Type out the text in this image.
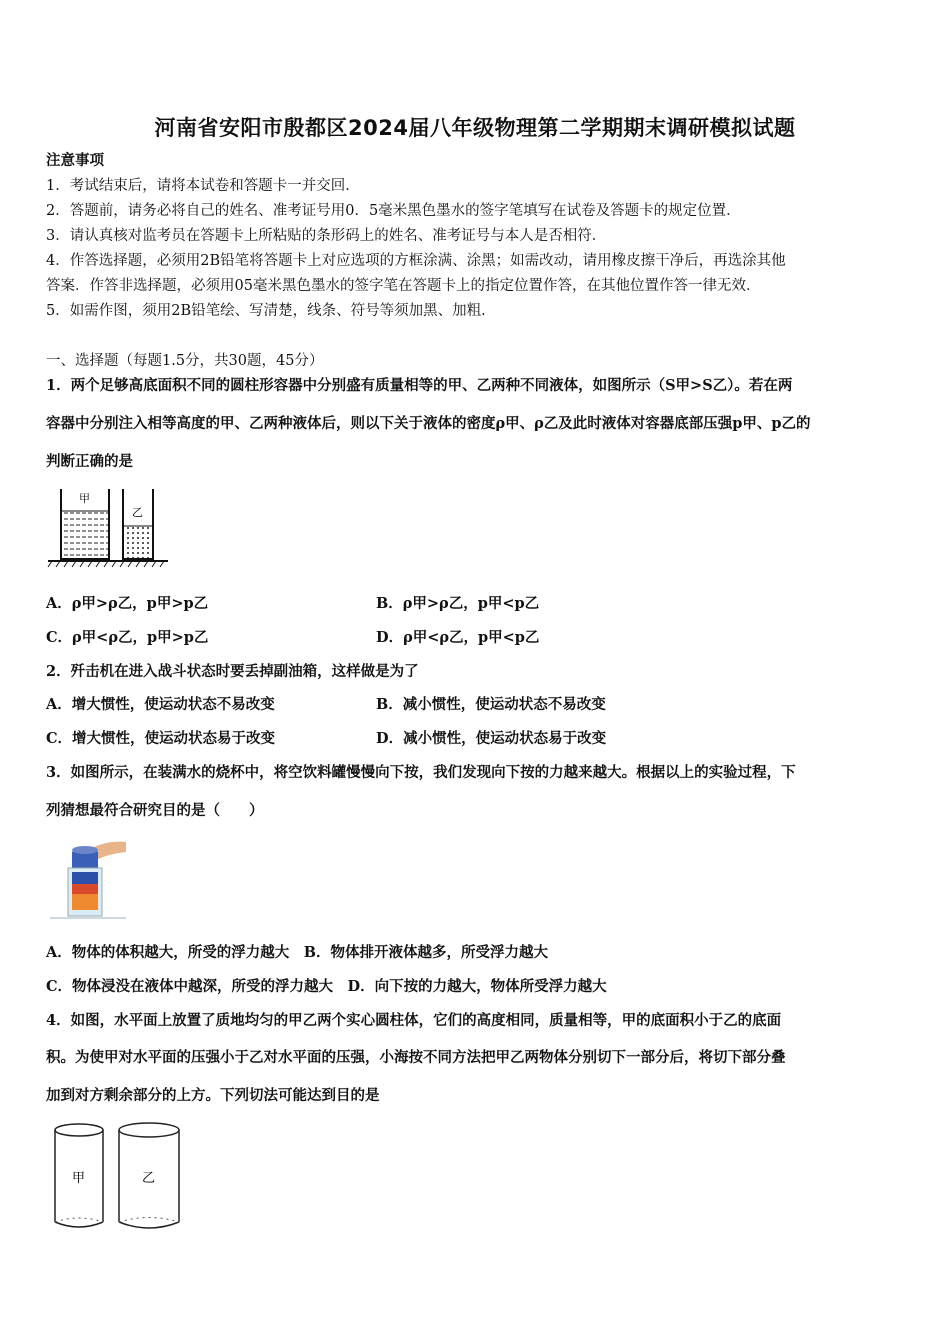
河南省安阳市殷都区2024届八年级物理第二学期期末调研模拟试题
注意事项
1．考试结束后，请将本试卷和答题卡一并交回．
2．答题前，请务必将自己的姓名、准考证号用0．5毫米黑色墨水的签字笔填写在试卷及答题卡的规定位置．
3．请认真核对监考员在答题卡上所粘贴的条形码上的姓名、准考证号与本人是否相符．
4．作答选择题，必须用2B铅笔将答题卡上对应选项的方框涂满、涂黑；如需改动，请用橡皮擦干净后，再选涂其他
答案．作答非选择题，必须用05毫米黑色墨水的签字笔在答题卡上的指定位置作答，在其他位置作答一律无效．
5．如需作图，须用2B铅笔绘、写清楚，线条、符号等须加黑、加粗．
一、选择题（每题1.5分，共30题，45分）
1．两个足够高底面积不同的圆柱形容器中分别盛有质量相等的甲、乙两种不同液体，如图所示（S甲>S乙）。若在两
容器中分别注入相等高度的甲、乙两种液体后，则以下关于液体的密度ρ甲、ρ乙及此时液体对容器底部压强p甲、p乙的
判断正确的是
甲
乙
A．ρ甲>ρ乙，p甲>p乙	B．ρ甲>ρ乙，p甲<p乙
C．ρ甲<ρ乙，p甲>p乙	D．ρ甲<ρ乙，p甲<p乙
2．歼击机在进入战斗状态时要丢掉副油箱，这样做是为了
A．增大惯性，使运动状态不易改变	B．减小惯性，使运动状态不易改变
C．增大惯性，使运动状态易于改变	D．减小惯性，使运动状态易于改变
3．如图所示，在装满水的烧杯中，将空饮料罐慢慢向下按，我们发现向下按的力越来越大。根据以上的实验过程，下
列猜想最符合研究目的是（　　）
A．物体的体积越大，所受的浮力越大　B．物体排开液体越多，所受浮力越大
C．物体浸没在液体中越深，所受的浮力越大　D．向下按的力越大，物体所受浮力越大
4．如图，水平面上放置了质地均匀的甲乙两个实心圆柱体，它们的高度相同，质量相等，甲的底面积小于乙的底面
积。为使甲对水平面的压强小于乙对水平面的压强，小海按不同方法把甲乙两物体分别切下一部分后，将切下部分叠
加到对方剩余部分的上方。下列切法可能达到目的是
甲	乙
